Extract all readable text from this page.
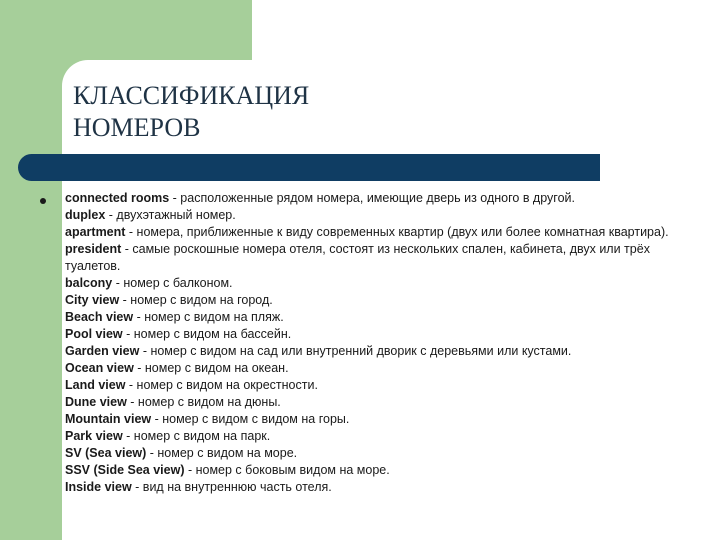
КЛАССИФИКАЦИЯ
НОМЕРОВ

connected rooms - расположенные рядом номера, имеющие дверь из одного в другой.

duplex - двухэтажный номер.

apartment - номера, приближенные к виду современных квартир (двух или более комнатная квартира).

president - самые роскошные номера отеля, состоят из нескольких спален, кабинета, двух или трёх туалетов.

balcony - номер с балконом.

City view - номер с видом на город.

Beach view - номер с видом на пляж.

Pool view - номер с видом на бассейн.

Garden view - номер с видом на сад или внутренний дворик с деревьями или кустами.

Ocean view - номер с видом на океан.

Land view - номер с видом на окрестности.

Dune view - номер с видом на дюны.

Mountain view - номер с видом с видом на горы.

Park view - номер с видом на парк.

SV (Sea view) - номер с видом на море.

SSV (Side Sea view) - номер с боковым видом на море.

Inside view - вид на внутреннюю часть отеля.
